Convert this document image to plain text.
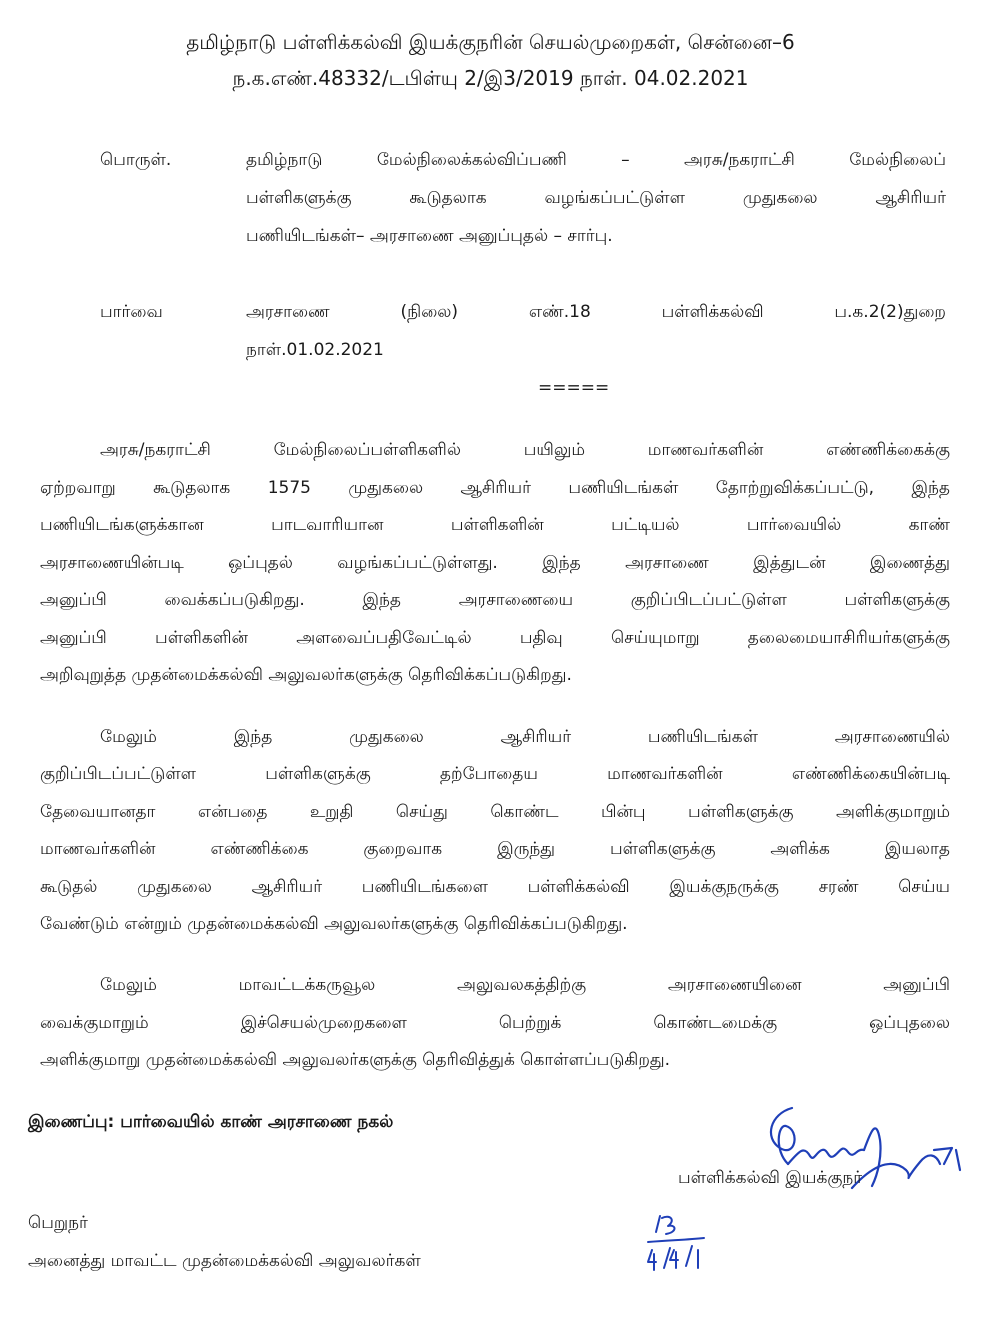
தமிழ்நாடு பள்ளிக்கல்வி இயக்குநரின் செயல்முறைகள், சென்னை–6
ந.க.எண்.48332/டபிள்யு 2/இ3/2019 நாள். 04.02.2021
பொருள்.	தமிழ்நாடு மேல்நிலைக்கல்விப்பணி – அரசு/நகராட்சி மேல்நிலைப்
பள்ளிகளுக்கு கூடுதலாக வழங்கப்பட்டுள்ள முதுகலை ஆசிரியர்
பணியிடங்கள்– அரசாணை அனுப்புதல் – சார்பு.
பார்வை	அரசாணை (நிலை) எண்.18 பள்ளிக்கல்வி ப.க.2(2)துறை
நாள்.01.02.2021
=====
அரசு/நகராட்சி மேல்நிலைப்பள்ளிகளில் பயிலும் மாணவர்களின் எண்ணிக்கைக்கு
ஏற்றவாறு கூடுதலாக 1575 முதுகலை ஆசிரியர் பணியிடங்கள் தோற்றுவிக்கப்பட்டு, இந்த
பணியிடங்களுக்கான பாடவாரியான பள்ளிகளின் பட்டியல் பார்வையில் காண்
அரசாணையின்படி ஒப்புதல் வழங்கப்பட்டுள்ளது. இந்த அரசாணை இத்துடன் இணைத்து
அனுப்பி வைக்கப்படுகிறது. இந்த அரசாணையை குறிப்பிடப்பட்டுள்ள பள்ளிகளுக்கு
அனுப்பி பள்ளிகளின் அளவைப்பதிவேட்டில் பதிவு செய்யுமாறு தலைமையாசிரியர்களுக்கு
அறிவுறுத்த முதன்மைக்கல்வி அலுவலர்களுக்கு தெரிவிக்கப்படுகிறது.
மேலும் இந்த முதுகலை ஆசிரியர் பணியிடங்கள் அரசாணையில்
குறிப்பிடப்பட்டுள்ள பள்ளிகளுக்கு தற்போதைய மாணவர்களின் எண்ணிக்கையின்படி
தேவையானதா என்பதை உறுதி செய்து கொண்ட பின்பு பள்ளிகளுக்கு அளிக்குமாறும்
மாணவர்களின் எண்ணிக்கை குறைவாக இருந்து பள்ளிகளுக்கு அளிக்க இயலாத
கூடுதல் முதுகலை ஆசிரியர் பணியிடங்களை பள்ளிக்கல்வி இயக்குநருக்கு சரண் செய்ய
வேண்டும் என்றும் முதன்மைக்கல்வி அலுவலர்களுக்கு தெரிவிக்கப்படுகிறது.
மேலும் மாவட்டக்கருவூல அலுவலகத்திற்கு அரசாணையினை அனுப்பி
வைக்குமாறும் இச்செயல்முறைகளை பெற்றுக் கொண்டமைக்கு ஒப்புதலை
அளிக்குமாறு முதன்மைக்கல்வி அலுவலர்களுக்கு தெரிவித்துக் கொள்ளப்படுகிறது.
இணைப்பு: பார்வையில் காண் அரசாணை நகல்
பள்ளிக்கல்வி இயக்குநர்
பெறுநர்
அனைத்து மாவட்ட முதன்மைக்கல்வி அலுவலர்கள்
